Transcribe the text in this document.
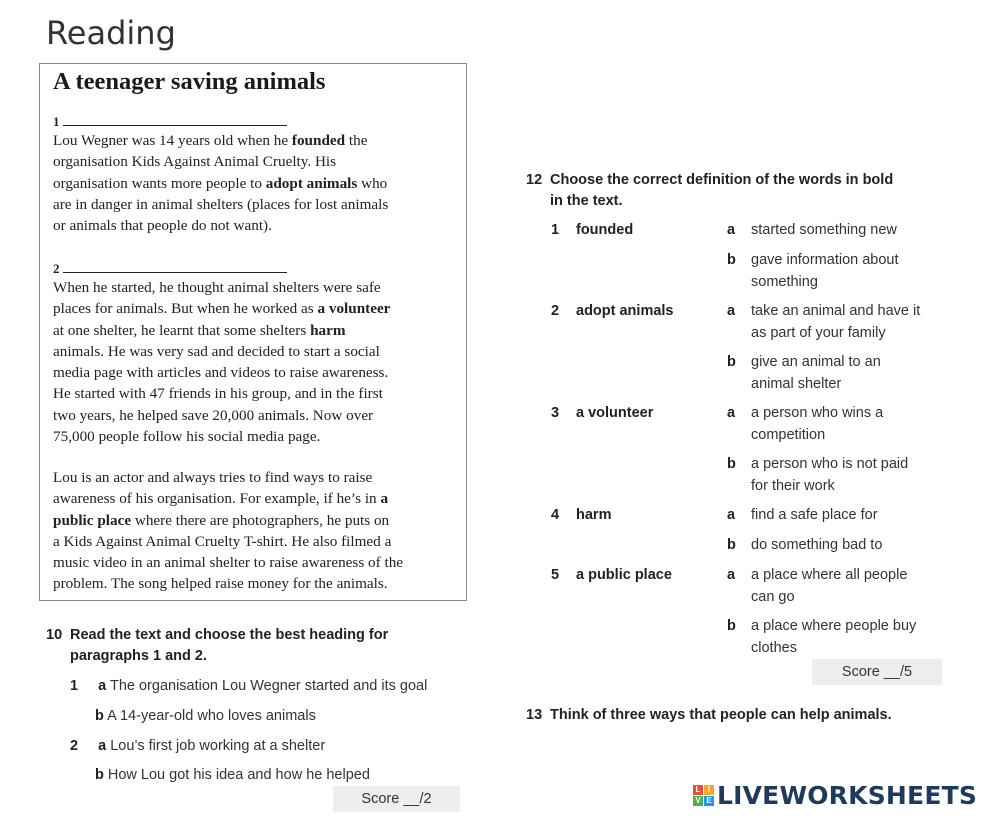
Reading
A teenager saving animals
1
Lou Wegner was 14 years old when he founded the
organisation Kids Against Animal Cruelty. His
organisation wants more people to adopt animals who
are in danger in animal shelters (places for lost animals
or animals that people do not want).
2
When he started, he thought animal shelters were safe
places for animals. But when he worked as a volunteer
at one shelter, he learnt that some shelters harm
animals. He was very sad and decided to start a social
media page with articles and videos to raise awareness.
He started with 47 friends in his group, and in the first
two years, he helped save 20,000 animals. Now over
75,000 people follow his social media page.
Lou is an actor and always tries to find ways to raise
awareness of his organisation. For example, if he’s in a
public place where there are photographers, he puts on
a Kids Against Animal Cruelty T-shirt. He also filmed a
music video in an animal shelter to raise awareness of the
problem. The song helped raise money for the animals.
10 Read the text and choose the best heading for
paragraphs 1 and 2.
1 a The organisation Lou Wegner started and its goal
b A 14-year-old who loves animals
2 a Lou’s first job working at a shelter
b How Lou got his idea and how he helped
Score __/2
12 Choose the correct definition of the words in bold
in the text.
1 founded	a started something new
b gave information about
something
2 adopt animals	a take an animal and have it
as part of your family
b give an animal to an
animal shelter
3 a volunteer	a a person who wins a
competition
b a person who is not paid
for their work
4 harm	a find a safe place for
b do something bad to
5 a public place	a a place where all people
can go
b a place where people buy
clothes
Score __/5
13 Think of three ways that people can help animals.
L I
V E LIVEWORKSHEETS
